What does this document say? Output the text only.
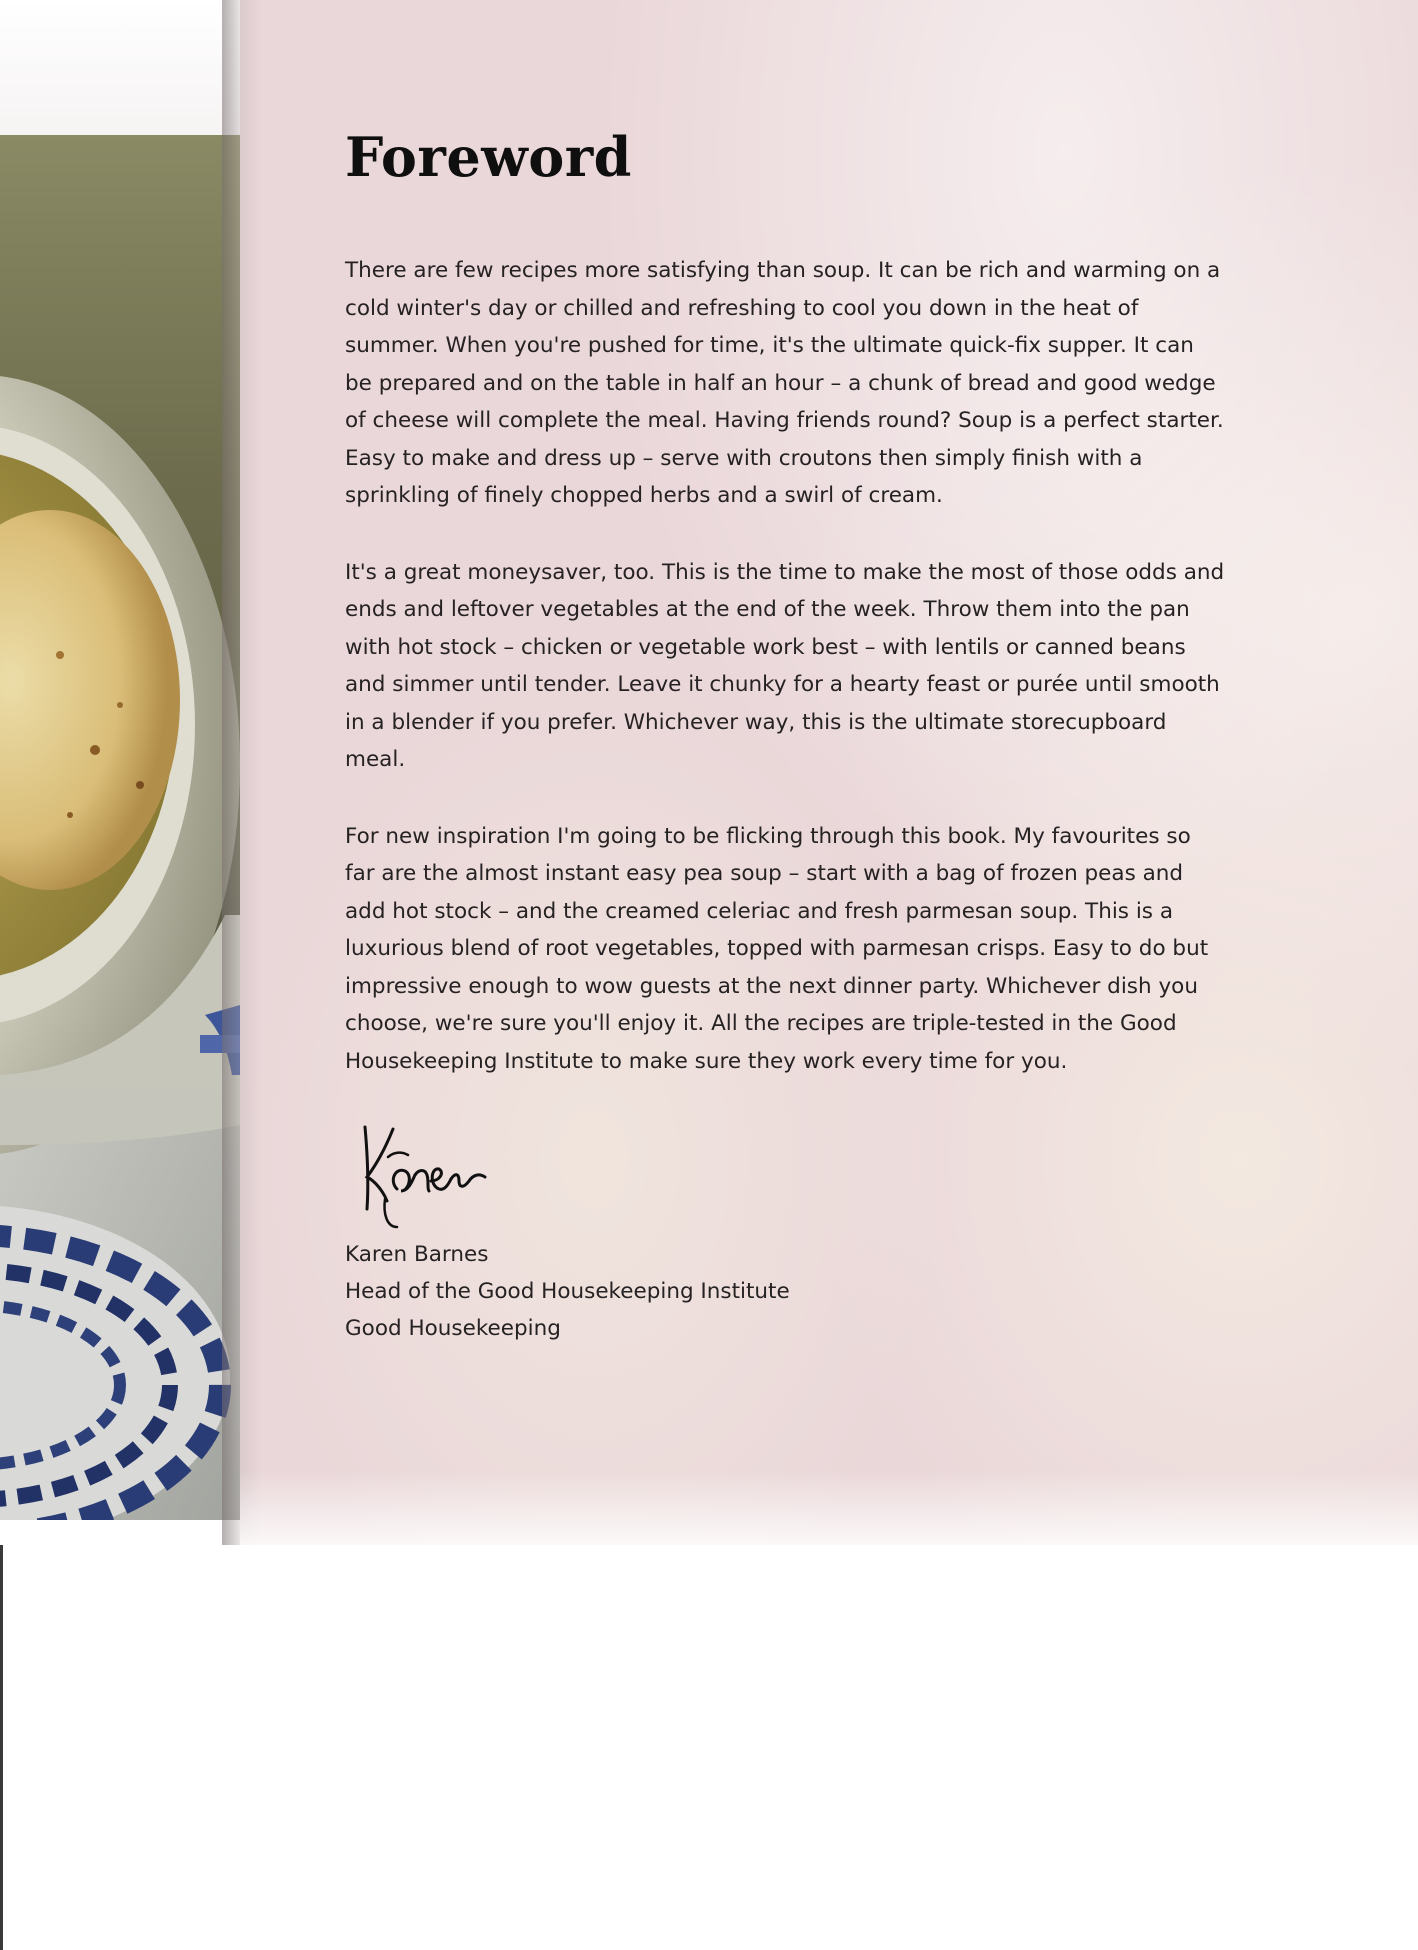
Foreword

There are few recipes more satisfying than soup. It can be rich and warming on a cold winter's day or chilled and refreshing to cool you down in the heat of summer. When you're pushed for time, it's the ultimate quick-fix supper. It can be prepared and on the table in half an hour – a chunk of bread and good wedge of cheese will complete the meal. Having friends round? Soup is a perfect starter. Easy to make and dress up – serve with croutons then simply finish with a sprinkling of finely chopped herbs and a swirl of cream.

It's a great moneysaver, too. This is the time to make the most of those odds and ends and leftover vegetables at the end of the week. Throw them into the pan with hot stock – chicken or vegetable work best – with lentils or canned beans and simmer until tender. Leave it chunky for a hearty feast or purée until smooth in a blender if you prefer. Whichever way, this is the ultimate storecupboard meal.

For new inspiration I'm going to be flicking through this book. My favourites so far are the almost instant easy pea soup – start with a bag of frozen peas and add hot stock – and the creamed celeriac and fresh parmesan soup. This is a luxurious blend of root vegetables, topped with parmesan crisps. Easy to do but impressive enough to wow guests at the next dinner party. Whichever dish you choose, we're sure you'll enjoy it. All the recipes are triple-tested in the Good Housekeeping Institute to make sure they work every time for you.

Karen Barnes
Head of the Good Housekeeping Institute
Good Housekeeping
